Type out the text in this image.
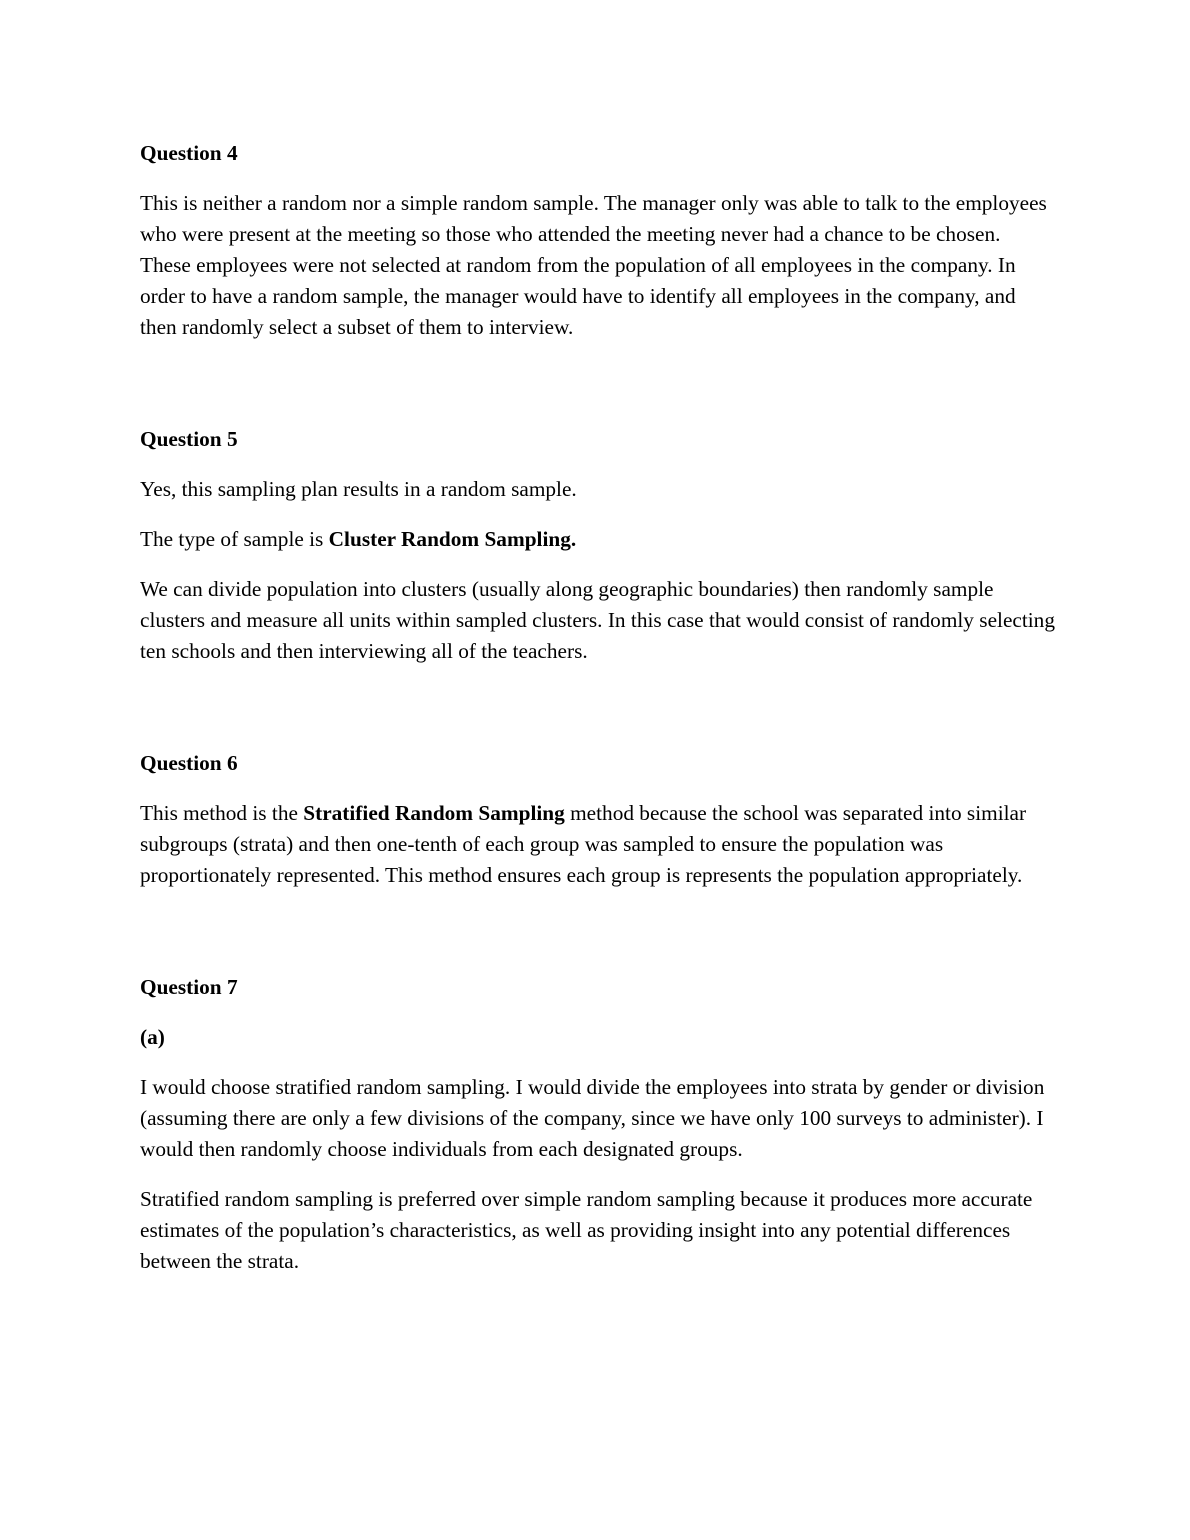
Question 4
This is neither a random nor a simple random sample. The manager only was able to talk to the employees who were present at the meeting so those who attended the meeting never had a chance to be chosen. These employees were not selected at random from the population of all employees in the company. In order to have a random sample, the manager would have to identify all employees in the company, and then randomly select a subset of them to interview.
Question 5
Yes, this sampling plan results in a random sample.
The type of sample is Cluster Random Sampling.
We can divide population into clusters (usually along geographic boundaries) then randomly sample clusters and measure all units within sampled clusters. In this case that would consist of randomly selecting ten schools and then interviewing all of the teachers.
Question 6
This method is the Stratified Random Sampling method because the school was separated into similar subgroups (strata) and then one-tenth of each group was sampled to ensure the population was proportionately represented. This method ensures each group is represents the population appropriately.
Question 7
(a)
I would choose stratified random sampling. I would divide the employees into strata by gender or division (assuming there are only a few divisions of the company, since we have only 100 surveys to administer). I would then randomly choose individuals from each designated groups.
Stratified random sampling is preferred over simple random sampling because it produces more accurate estimates of the population’s characteristics, as well as providing insight into any potential differences between the strata.
